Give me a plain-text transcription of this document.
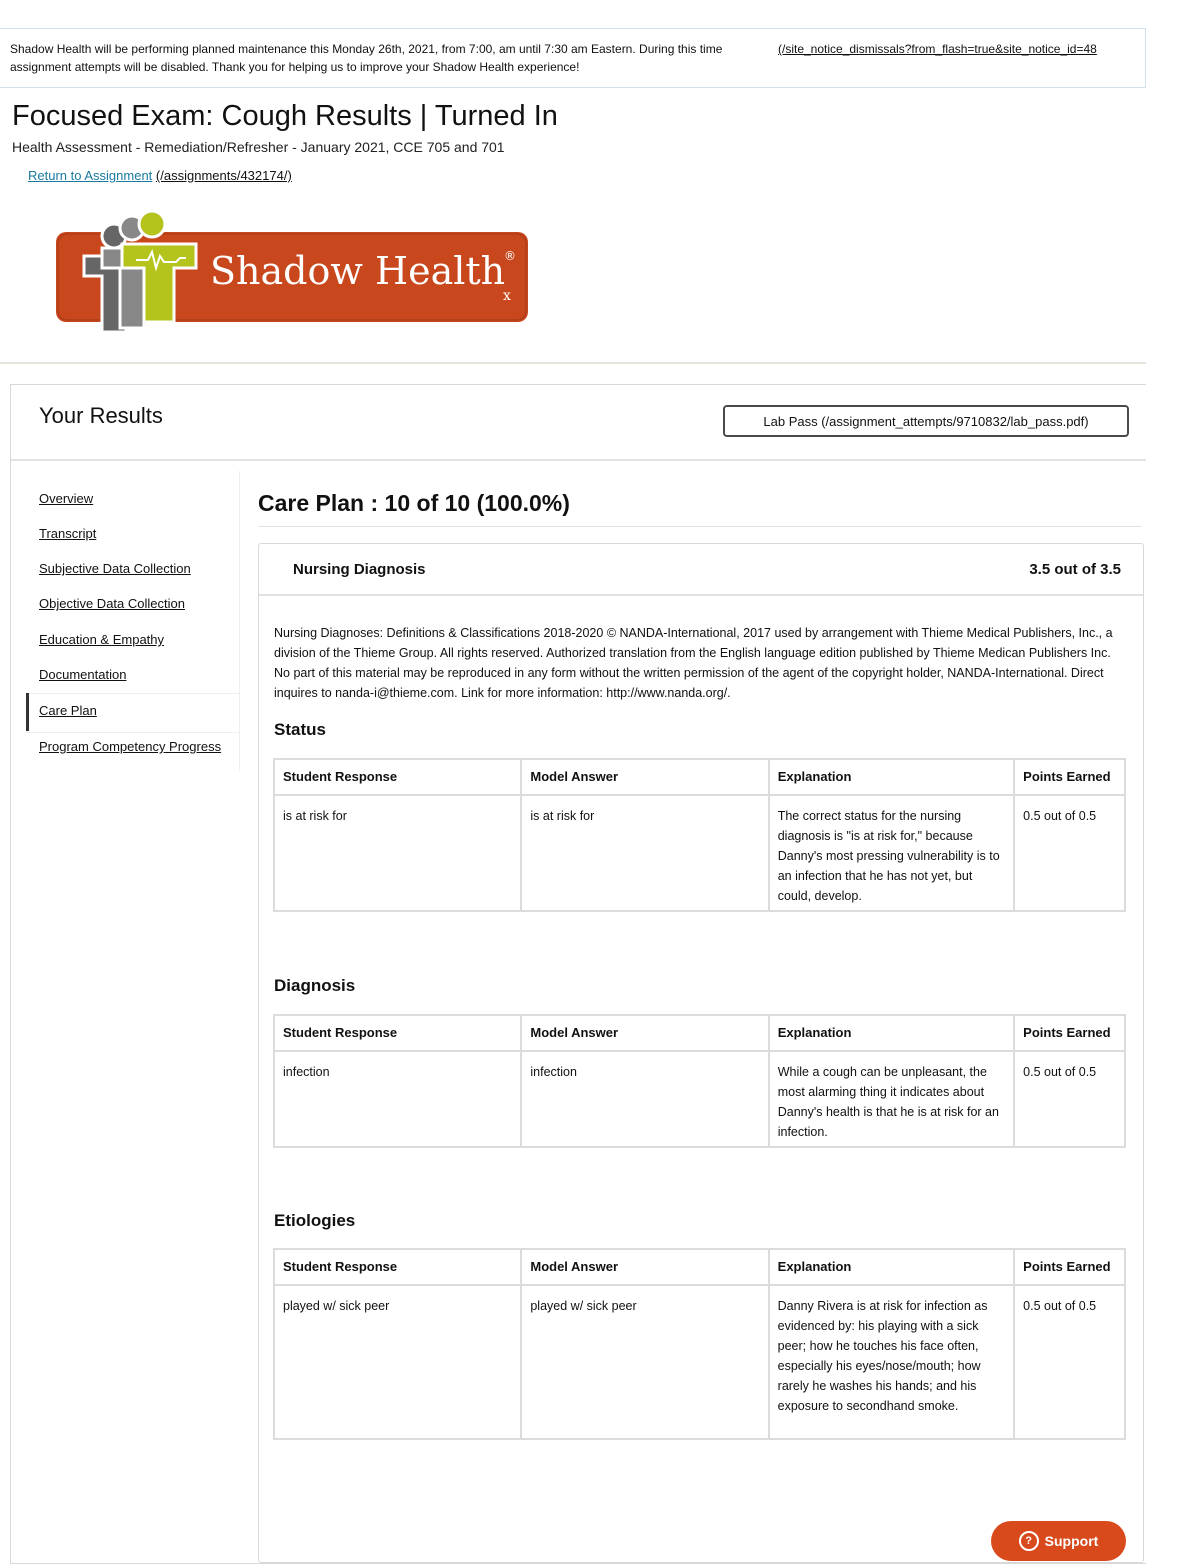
Shadow Health will be performing planned maintenance this Monday 26th, 2021, from 7:00, am until 7:30 am Eastern. During this time assignment attempts will be disabled. Thank you for helping us to improve your Shadow Health experience!
(/site_notice_dismissals?from_flash=true&site_notice_id=48
Focused Exam: Cough Results | Turned In
Health Assessment - Remediation/Refresher - January 2021, CCE 705 and 701
Return to Assignment (/assignments/432174/)
Shadow Health
®
x
Your Results	Lab Pass (/assignment_attempts/9710832/lab_pass.pdf)
Overview
Transcript
Subjective Data Collection
Objective Data Collection
Education & Empathy
Documentation
Care Plan
Program Competency Progress
Care Plan : 10 of 10 (100.0%)
Nursing Diagnosis	3.5 out of 3.5
Nursing Diagnoses: Definitions & Classifications 2018-2020 © NANDA-International, 2017 used by arrangement with Thieme Medical Publishers, Inc., a division of the Thieme Group. All rights reserved. Authorized translation from the English language edition published by Thieme Medican Publishers Inc. No part of this material may be reproduced in any form without the written permission of the agent of the copyright holder, NANDA-International. Direct inquires to nanda-i@thieme.com. Link for more information: http://www.nanda.org/.
Status
Student Response	Model Answer	Explanation	Points Earned
is at risk for	is at risk for	The correct status for the nursing diagnosis is "is at risk for," because Danny's most pressing vulnerability is to an infection that he has not yet, but could, develop.	0.5 out of 0.5
Diagnosis
Student Response	Model Answer	Explanation	Points Earned
infection	infection	While a cough can be unpleasant, the most alarming thing it indicates about Danny's health is that he is at risk for an infection.	0.5 out of 0.5
Etiologies
Student Response	Model Answer	Explanation	Points Earned
played w/ sick peer	played w/ sick peer	Danny Rivera is at risk for infection as evidenced by: his playing with a sick peer; how he touches his face often, especially his eyes/nose/mouth; how rarely he washes his hands; and his exposure to secondhand smoke.	0.5 out of 0.5
? Support
